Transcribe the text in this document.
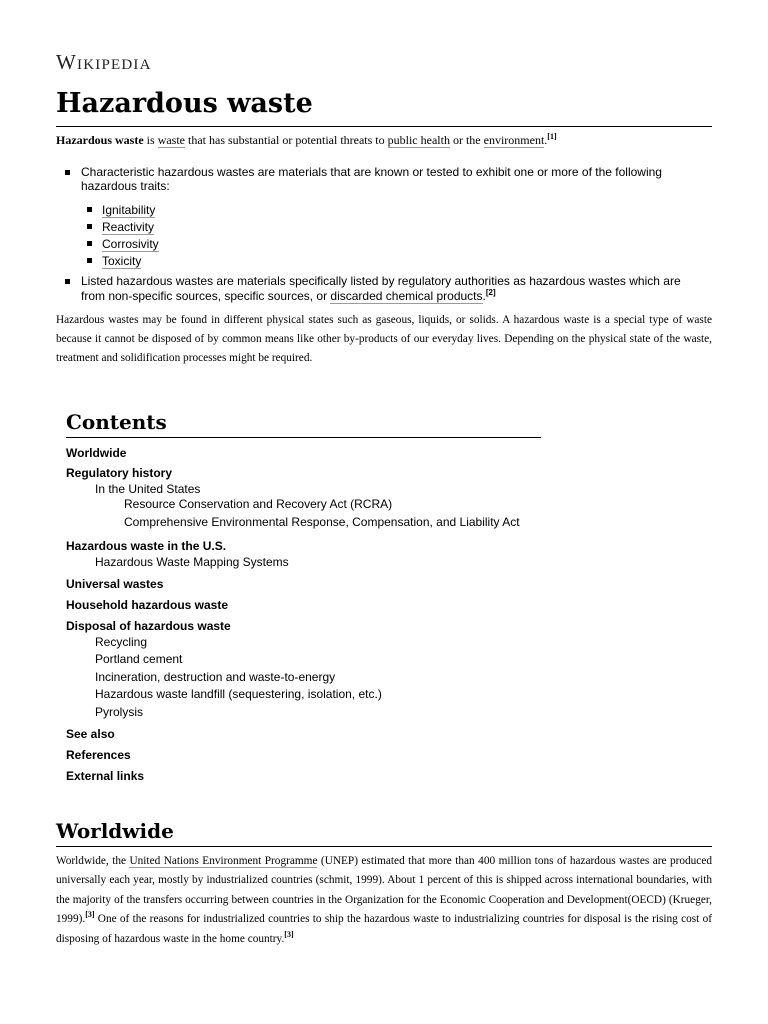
Wikipedia
Hazardous waste

Hazardous waste is waste that has substantial or potential threats to public health or the environment.[1]

Characteristic hazardous wastes are materials that are known or tested to exhibit one or more of the following
hazardous traits:
Listed hazardous wastes are materials specifically listed by regulatory authorities as hazardous wastes which are
from non-specific sources, specific sources, or discarded chemical products.[2]
Ignitability
Reactivity
Corrosivity
Toxicity

Hazardous wastes may be found in different physical states such as gaseous, liquids, or solids. A hazardous waste is a special type of waste because it cannot be disposed of by common means like other by-products of our everyday lives. Depending on the physical state of the waste, treatment and solidification processes might be required.

Contents
Worldwide
Regulatory history
In the United States
Resource Conservation and Recovery Act (RCRA)
Comprehensive Environmental Response, Compensation, and Liability Act
Hazardous waste in the U.S.
Hazardous Waste Mapping Systems
Universal wastes
Household hazardous waste
Disposal of hazardous waste
Recycling
Portland cement
Incineration, destruction and waste-to-energy
Hazardous waste landfill (sequestering, isolation, etc.)
Pyrolysis
See also
References
External links
Worldwide

Worldwide, the United Nations Environment Programme (UNEP) estimated that more than 400 million tons of hazardous wastes are produced universally each year, mostly by industrialized countries (schmit, 1999). About 1 percent of this is shipped across international boundaries, with the majority of the transfers occurring between countries in the Organization for the Economic Cooperation and Development(OECD) (Krueger, 1999).[3] One of the reasons for industrialized countries to ship the hazardous waste to industrializing countries for disposal is the rising cost of disposing of hazardous waste in the home country.[3]
